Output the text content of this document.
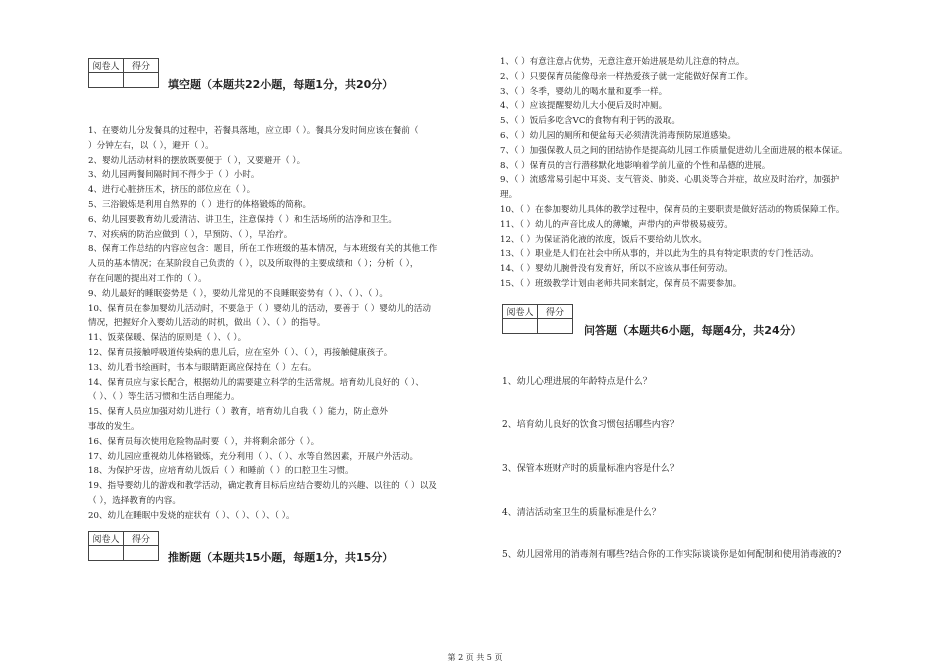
阅卷人	得分

填空题（本题共22小题，每题1分，共20分）
1、在婴幼儿分发餐具的过程中，若餐具落地，应立即（ ）。餐具分发时间应该在餐前（
）分钟左右，以（ ），避开（ ）。
2、婴幼儿活动材料的摆放既要便于（ ），又要避开（ ）。
3、幼儿园两餐间隔时间不得少于（ ）小时。
4、进行心脏挤压术，挤压的部位应在（ ）。
5、三浴锻炼是利用自然界的（ ）进行的体格锻炼的简称。
6、幼儿园要教育幼儿爱清洁、讲卫生，注意保持（ ）和生活场所的洁净和卫生。
7、对疾病的防治应做到（ ），早预防、（ ），早治疗。
8、保育工作总结的内容应包含：题目，所在工作班级的基本情况，与本班级有关的其他工作
人员的基本情况；在某阶段自己负责的（ ），以及所取得的主要成绩和（ ）；分析（ ），
存在问题的提出对工作的（ ）。
9、幼儿最好的睡眠姿势是（ ），要幼儿常见的不良睡眠姿势有（ ）、（ ）、（ ）。
10、保育员在参加婴幼儿活动时，不要急于（ ）婴幼儿的活动，要善于（ ）婴幼儿的活动
情况，把握好介入婴幼儿活动的时机，做出（ ）、（ ）的指导。
11、饭菜保暖、保洁的原则是（ ）、（ ）。
12、保育员接触呼吸道传染病的患儿后，应在室外（ ）、（ ），再接触健康孩子。
13、幼儿看书绘画时，书本与眼睛距离应保持在（ ）左右。
14、保育员应与家长配合，根据幼儿的需要建立科学的生活常规。培育幼儿良好的（ ）、
（ ）、（ ）等生活习惯和生活自理能力。
15、保育人员应加强对幼儿进行（ ）教育，培育幼儿自我（ ）能力，防止意外
事故的发生。
16、保育员每次使用危险物品时要（ ），并将剩余部分（ ）。
17、幼儿园应重视幼儿体格锻炼，充分利用（ ）、（ ）、水等自然因素，开展户外活动。
18、为保护牙齿，应培育幼儿饭后（ ）和睡前（ ）的口腔卫生习惯。
19、指导婴幼儿的游戏和教学活动，确定教育目标后应结合婴幼儿的兴趣、以往的（ ）以及
（ ），选择教育的内容。
20、幼儿在睡眠中发烧的症状有（ ）、（ ）、（ ）、（ ）。
阅卷人	得分

推断题（本题共15小题，每题1分，共15分）
1、（ ）有意注意占优势，无意注意开始进展是幼儿注意的特点。
2、（ ）只要保育员能像母亲一样热爱孩子就一定能做好保育工作。
3、（ ）冬季，婴幼儿的喝水量和夏季一样。
4、（ ）应该提醒婴幼儿大小便后及时冲厕。
5、（ ）饭后多吃含VC的食物有利于钙的汲取。
6、（ ）幼儿园的厕所和便盆每天必须清洗消毒预防尿道感染。
7、（ ）加强保教人员之间的团结协作是提高幼儿园工作质量促进幼儿全面进展的根本保证。
8、（ ）保育员的言行潜移默化地影响着学前儿童的个性和品德的进展。
9、（ ）流感常易引起中耳炎、支气管炎、肺炎、心肌炎等合并症，故应及时治疗，加强护
理。
10、（ ）在参加婴幼儿具体的教学过程中，保育员的主要职责是做好活动的物质保障工作。
11、（ ）幼儿的声音比成人的薄嫩，声带内的声带极易疲劳。
12、（ ）为保证消化液的浓度，饭后不要给幼儿饮水。
13、（ ）职业是人们在社会中所从事的，并以此为生的具有特定职责的专门性活动。
14、（ ）婴幼儿腕骨没有发育好，所以不应该从事任何劳动。
15、（ ）班级教学计划由老师共同来制定，保育员不需要参加。
阅卷人	得分

问答题（本题共6小题，每题4分，共24分）
1、幼儿心理进展的年龄特点是什么？
2、培育幼儿良好的饮食习惯包括哪些内容？
3、保管本班财产时的质量标准内容是什么？
4、清洁活动室卫生的质量标准是什么？
5、幼儿园常用的消毒剂有哪些?结合你的工作实际谈谈你是如何配制和使用消毒液的?
第 2 页 共 5 页
